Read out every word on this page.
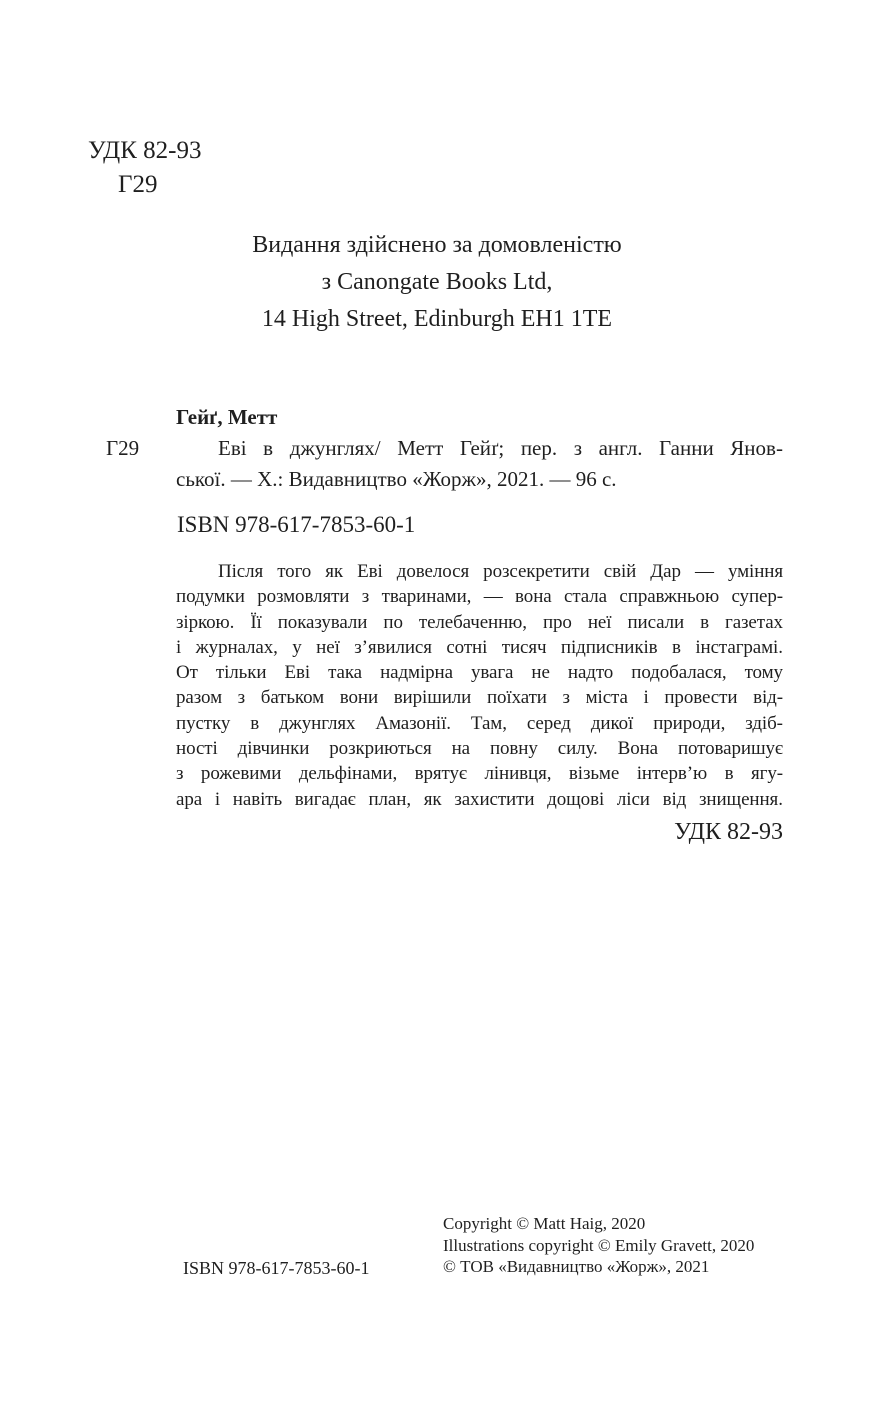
УДК 82-93
Г29
Видання здійснено за домовленістю
з Canongate Books Ltd,
14 High Street, Edinburgh EH1 1TE
Гейґ, Метт
Г29	Еві в джунглях/ Метт Гейґ; пер. з англ. Ганни Янов-
ської. — Х.: Видавництво «Жорж», 2021. — 96 с.
ISBN 978-617-7853-60-1
Після того як Еві довелося розсекретити свій Дар — уміння
подумки розмовляти з тваринами, — вона стала справжньою супер-
зіркою. Її показували по телебаченню, про неї писали в газетах
і журналах, у неї з’явилися сотні тисяч підписників в інстаграмі.
От тільки Еві така надмірна увага не надто подобалася, тому
разом з батьком вони вирішили поїхати з міста і провести від-
пустку в джунглях Амазонії. Там, серед дикої природи, здіб-
ності дівчинки розкриються на повну силу. Вона потоваришує
з рожевими дельфінами, врятує лінивця, візьме інтерв’ю в ягу-
ара і навіть вигадає план, як захистити дощові ліси від знищення.
УДК 82-93
ISBN 978-617-7853-60-1
Copyright © Matt Haig, 2020
Illustrations copyright © Emily Gravett, 2020
© ТОВ «Видавництво «Жорж», 2021
